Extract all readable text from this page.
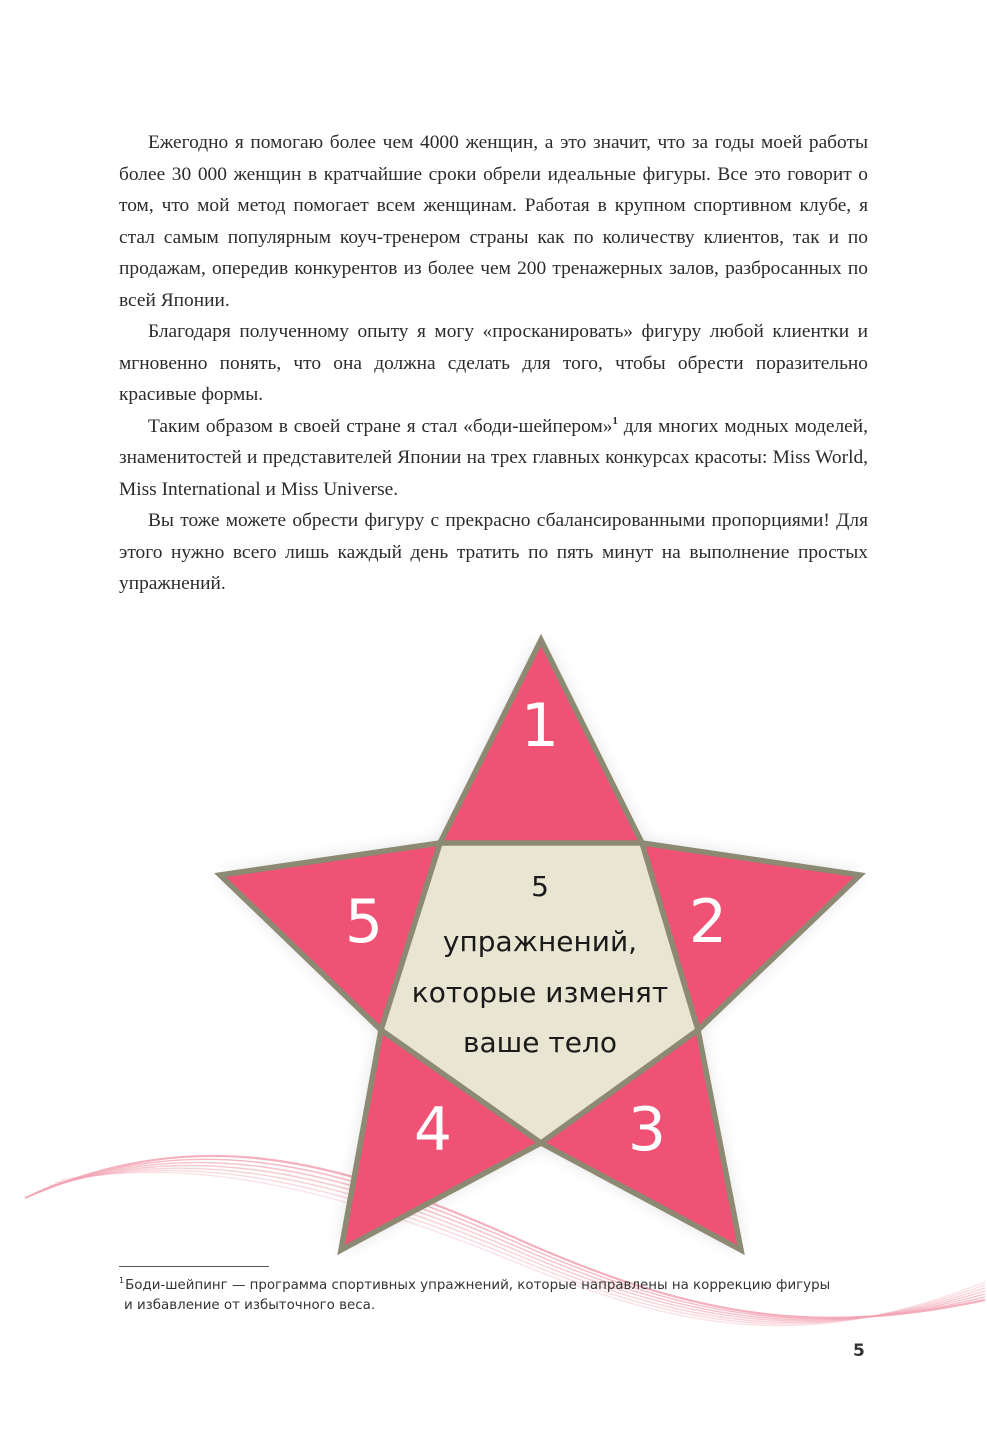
Ежегодно я помогаю более чем 4000 женщин, а это значит, что за годы моей работы более 30 000 женщин в кратчайшие сроки обрели идеальные фигуры. Все это говорит о том, что мой метод помогает всем женщинам. Работая в крупном спортивном клубе, я стал самым популярным коуч-тренером страны как по количеству клиентов, так и по продажам, опередив конкурентов из более чем 200 тренажерных залов, разбросанных по всей Японии.

Благодаря полученному опыту я могу «просканировать» фигуру любой клиентки и мгновенно понять, что она должна сделать для того, чтобы обрести поразительно красивые формы.

Таким образом в своей стране я стал «боди-шейпером»$^1$ для многих модных моделей, знаменитостей и представителей Японии на трех главных конкурсах красоты: Miss World, Miss International и Miss Universe.

Вы тоже можете обрести фигуру с прекрасно сбалансированными пропорциями! Для этого нужно всего лишь каждый день тратить по пять минут на выполнение простых упражнений.

1
2
3
4
5
5
упражнений,
которые изменят
ваше тело
$^1$Боди-шейпинг — программа спортивных упражнений, которые направлены на коррекцию фигуры
и избавление от избыточного веса.
5
